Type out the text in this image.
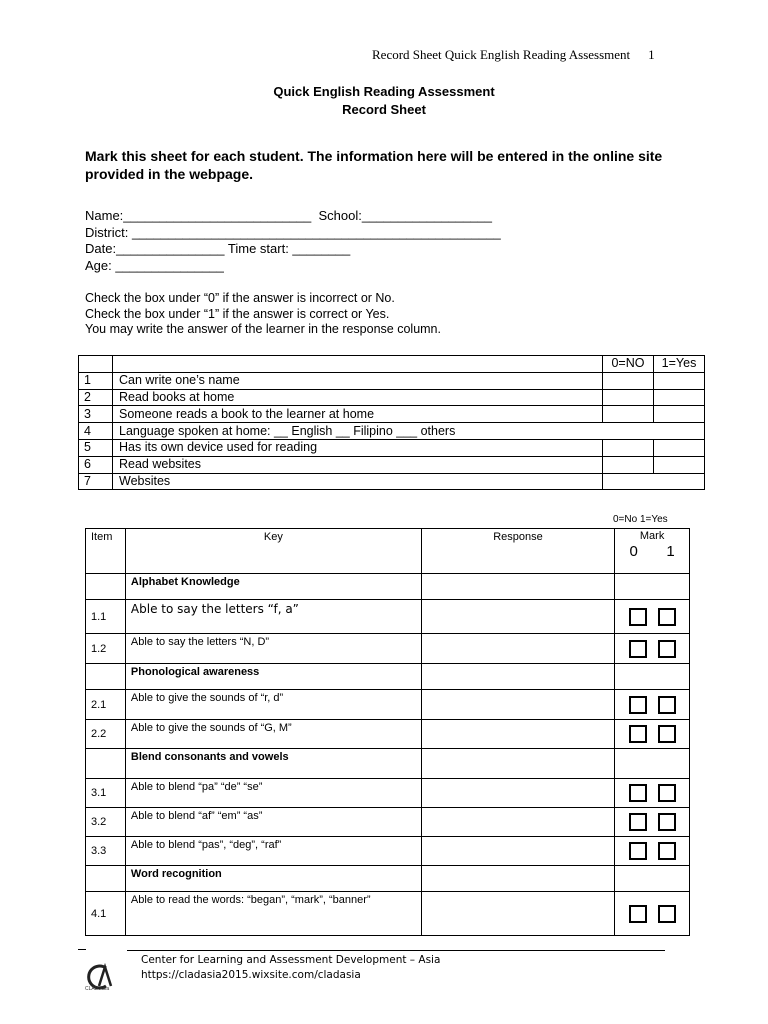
Record Sheet Quick English Reading Assessment 1
Quick English Reading Assessment
Record Sheet
Mark this sheet for each student. The information here will be entered in the online site provided in the webpage.
Name:__________________________  School:__________________
District: ___________________________________________________
Date:_______________ Time start: ________
Age: _______________
Check the box under “0” if the answer is incorrect or No.
Check the box under “1” if the answer is correct or Yes.
You may write the answer of the learner in the response column.
		0=NO	1=Yes
1	Can write one’s name		
2	Read books at home		
3	Someone reads a book to the learner at home		
4	Language spoken at home: __ English __ Filipino ___ others		
5	Has its own device used for reading		
6	Read websites		
7	Websites		
0=No 1=Yes
Item	Key	Response	Mark
0 1

	Alphabet Knowledge		
1.1	Able to say the letters “f, a”		

1.2	Able to say the letters “N, D”		

	Phonological awareness		
2.1	Able to give the sounds of “r, d”		

2.2	Able to give the sounds of “G, M”		

	Blend consonants and vowels		
3.1	Able to blend “pa” “de” “se”		

3.2	Able to blend “af” “em” “as”		

3.3	Able to blend “pas”, “deg”, “raf”		

	Word recognition		
4.1	Able to read the words: “began”, “mark”, “banner”		
CLAD Asia
Center for Learning and Assessment Development – Asia
https://cladasia2015.wixsite.com/cladasia
